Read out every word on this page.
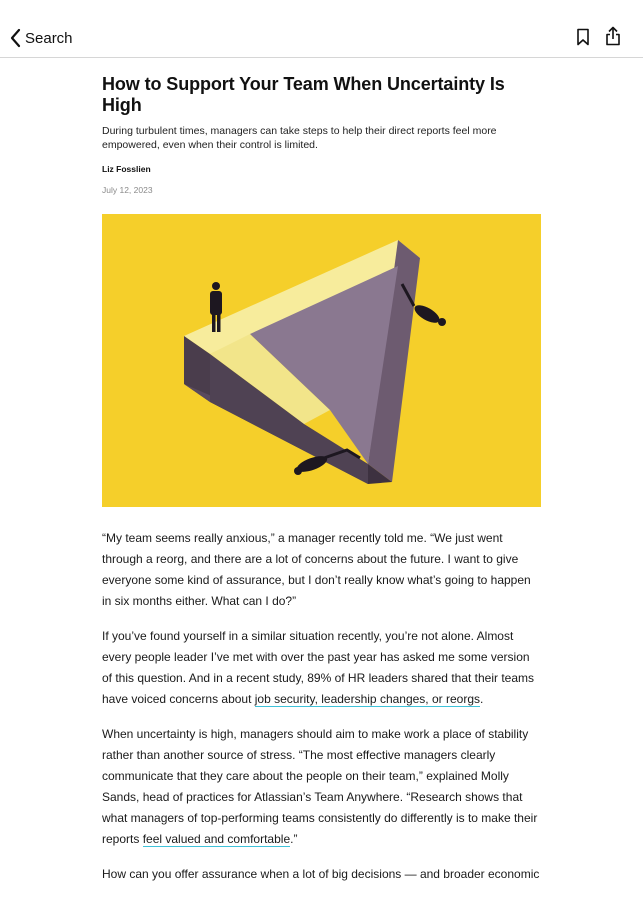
Search
How to Support Your Team When Uncertainty Is High
During turbulent times, managers can take steps to help their direct reports feel more empowered, even when their control is limited.
Liz Fosslien
July 12, 2023

“My team seems really anxious,” a manager recently told me. “We just went through a reorg, and there are a lot of concerns about the future. I want to give everyone some kind of assurance, but I don’t really know what’s going to happen in six months either. What can I do?”

If you’ve found yourself in a similar situation recently, you’re not alone. Almost every people leader I’ve met with over the past year has asked me some version of this question. And in a recent study, 89% of HR leaders shared that their teams have voiced concerns about job security, leadership changes, or reorgs.

When uncertainty is high, managers should aim to make work a place of stability rather than another source of stress. “The most effective managers clearly communicate that they care about the people on their team,” explained Molly Sands, head of practices for Atlassian’s Team Anywhere. “Research shows that what managers of top-performing teams consistently do differently is to make their reports feel valued and comfortable.”

How can you offer assurance when a lot of big decisions — and broader economic
